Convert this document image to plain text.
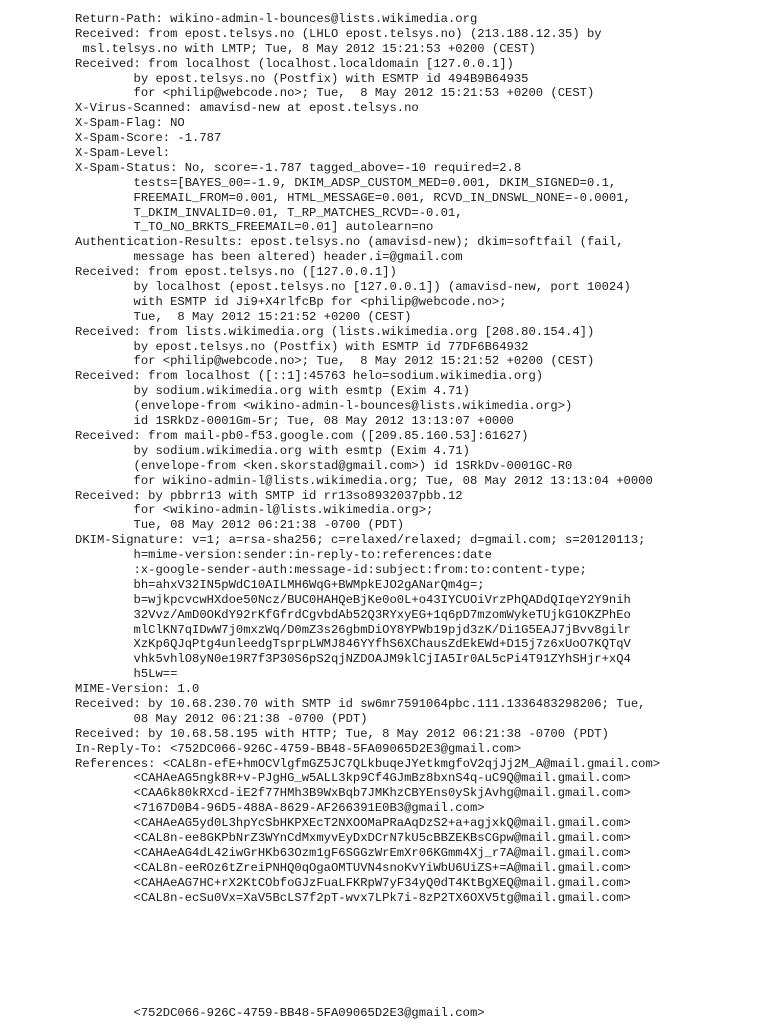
Return-Path: wikino-admin-l-bounces@lists.wikimedia.org
Received: from epost.telsys.no (LHLO epost.telsys.no) (213.188.12.35) by
msl.telsys.no with LMTP; Tue, 8 May 2012 15:21:53 +0200 (CEST)
Received: from localhost (localhost.localdomain [127.0.0.1])
by epost.telsys.no (Postfix) with ESMTP id 494B9B64935
for <philip@webcode.no>; Tue,  8 May 2012 15:21:53 +0200 (CEST)
X-Virus-Scanned: amavisd-new at epost.telsys.no
X-Spam-Flag: NO
X-Spam-Score: -1.787
X-Spam-Level:
X-Spam-Status: No, score=-1.787 tagged_above=-10 required=2.8
tests=[BAYES_00=-1.9, DKIM_ADSP_CUSTOM_MED=0.001, DKIM_SIGNED=0.1,
FREEMAIL_FROM=0.001, HTML_MESSAGE=0.001, RCVD_IN_DNSWL_NONE=-0.0001,
T_DKIM_INVALID=0.01, T_RP_MATCHES_RCVD=-0.01,
T_TO_NO_BRKTS_FREEMAIL=0.01] autolearn=no
Authentication-Results: epost.telsys.no (amavisd-new); dkim=softfail (fail,
message has been altered) header.i=@gmail.com
Received: from epost.telsys.no ([127.0.0.1])
by localhost (epost.telsys.no [127.0.0.1]) (amavisd-new, port 10024)
with ESMTP id Ji9+X4rlfcBp for <philip@webcode.no>;
Tue,  8 May 2012 15:21:52 +0200 (CEST)
Received: from lists.wikimedia.org (lists.wikimedia.org [208.80.154.4])
by epost.telsys.no (Postfix) with ESMTP id 77DF6B64932
for <philip@webcode.no>; Tue,  8 May 2012 15:21:52 +0200 (CEST)
Received: from localhost ([::1]:45763 helo=sodium.wikimedia.org)
by sodium.wikimedia.org with esmtp (Exim 4.71)
(envelope-from <wikino-admin-l-bounces@lists.wikimedia.org>)
id 1SRkDz-0001Gm-5r; Tue, 08 May 2012 13:13:07 +0000
Received: from mail-pb0-f53.google.com ([209.85.160.53]:61627)
by sodium.wikimedia.org with esmtp (Exim 4.71)
(envelope-from <ken.skorstad@gmail.com>) id 1SRkDv-0001GC-R0
for wikino-admin-l@lists.wikimedia.org; Tue, 08 May 2012 13:13:04 +0000
Received: by pbbrr13 with SMTP id rr13so8932037pbb.12
for <wikino-admin-l@lists.wikimedia.org>;
Tue, 08 May 2012 06:21:38 -0700 (PDT)
DKIM-Signature: v=1; a=rsa-sha256; c=relaxed/relaxed; d=gmail.com; s=20120113;
h=mime-version:sender:in-reply-to:references:date
:x-google-sender-auth:message-id:subject:from:to:content-type;
bh=ahxV32IN5pWdC10AILMH6WqG+BWMpkEJO2gANarQm4g=;
b=wjkpcvcwHXdoe50Ncz/BUC0HAHQeBjKe0o0L+o43IYCUOiVrzPhQADdQIqeY2Y9nih
32Vvz/AmD0OKdY92rKfGfrdCgvbdAb52Q3RYxyEG+1q6pD7mzomWykeTUjkG1OKZPhEo
mlClKN7qIDwW7j0mxzWq/D0mZ3s26gbmDiOY8YPWb19pjd3zK/Di1G5EAJ7jBvv8gilr
XzKp6QJqPtg4unleedgTsprpLWMJ846YYfhS6XChausZdEkEWd+D15j7z6xUoO7KQTqV
vhk5vhlO8yN0e19R7f3P30S6pS2qjNZDOAJM9klCjIA5Ir0AL5cPi4T91ZYhSHjr+xQ4
h5Lw==
MIME-Version: 1.0
Received: by 10.68.230.70 with SMTP id sw6mr7591064pbc.111.1336483298206; Tue,
08 May 2012 06:21:38 -0700 (PDT)
Received: by 10.68.58.195 with HTTP; Tue, 8 May 2012 06:21:38 -0700 (PDT)
In-Reply-To: <752DC066-926C-4759-BB48-5FA09065D2E3@gmail.com>
References: <CAL8n-efE+hmOCVlgfmGZ5JC7QLkbuqeJYetkmgfoV2qjJj2M_A@mail.gmail.com>
<CAHAeAG5ngk8R+v-PJgHG_w5ALL3kp9Cf4GJmBz8bxnS4q-uC9Q@mail.gmail.com>
<CAA6k80kRXcd-iE2f77HMh3B9WxBqb7JMKhzCBYEns0ySkjAvhg@mail.gmail.com>
<7167D0B4-96D5-488A-8629-AF266391E0B3@gmail.com>
<CAHAeAG5yd0L3hpYcSbHKPXEcT2NXOOMaPRaAqDzS2+a+agjxkQ@mail.gmail.com>
<CAL8n-ee8GKPbNrZ3WYnCdMxmyvEyDxDCrN7kU5cBBZEKBsCGpw@mail.gmail.com>
<CAHAeAG4dL42iwGrHKb63Ozm1gF6SGGzWrEmXr06KGmm4Xj_r7A@mail.gmail.com>
<CAL8n-eeROz6tZreiPNHQ0qOgaOMTUVN4snoKvYiWbU6UiZS+=A@mail.gmail.com>
<CAHAeAG7HC+rX2KtCObfoGJzFuaLFKRpW7yF34yQ0dT4KtBgXEQ@mail.gmail.com>
<CAL8n-ecSu0Vx=XaV5BcLS7f2pT-wvx7LPk7i-8zP2TX6OXV5tg@mail.gmail.com>
<752DC066-926C-4759-BB48-5FA09065D2E3@gmail.com>
